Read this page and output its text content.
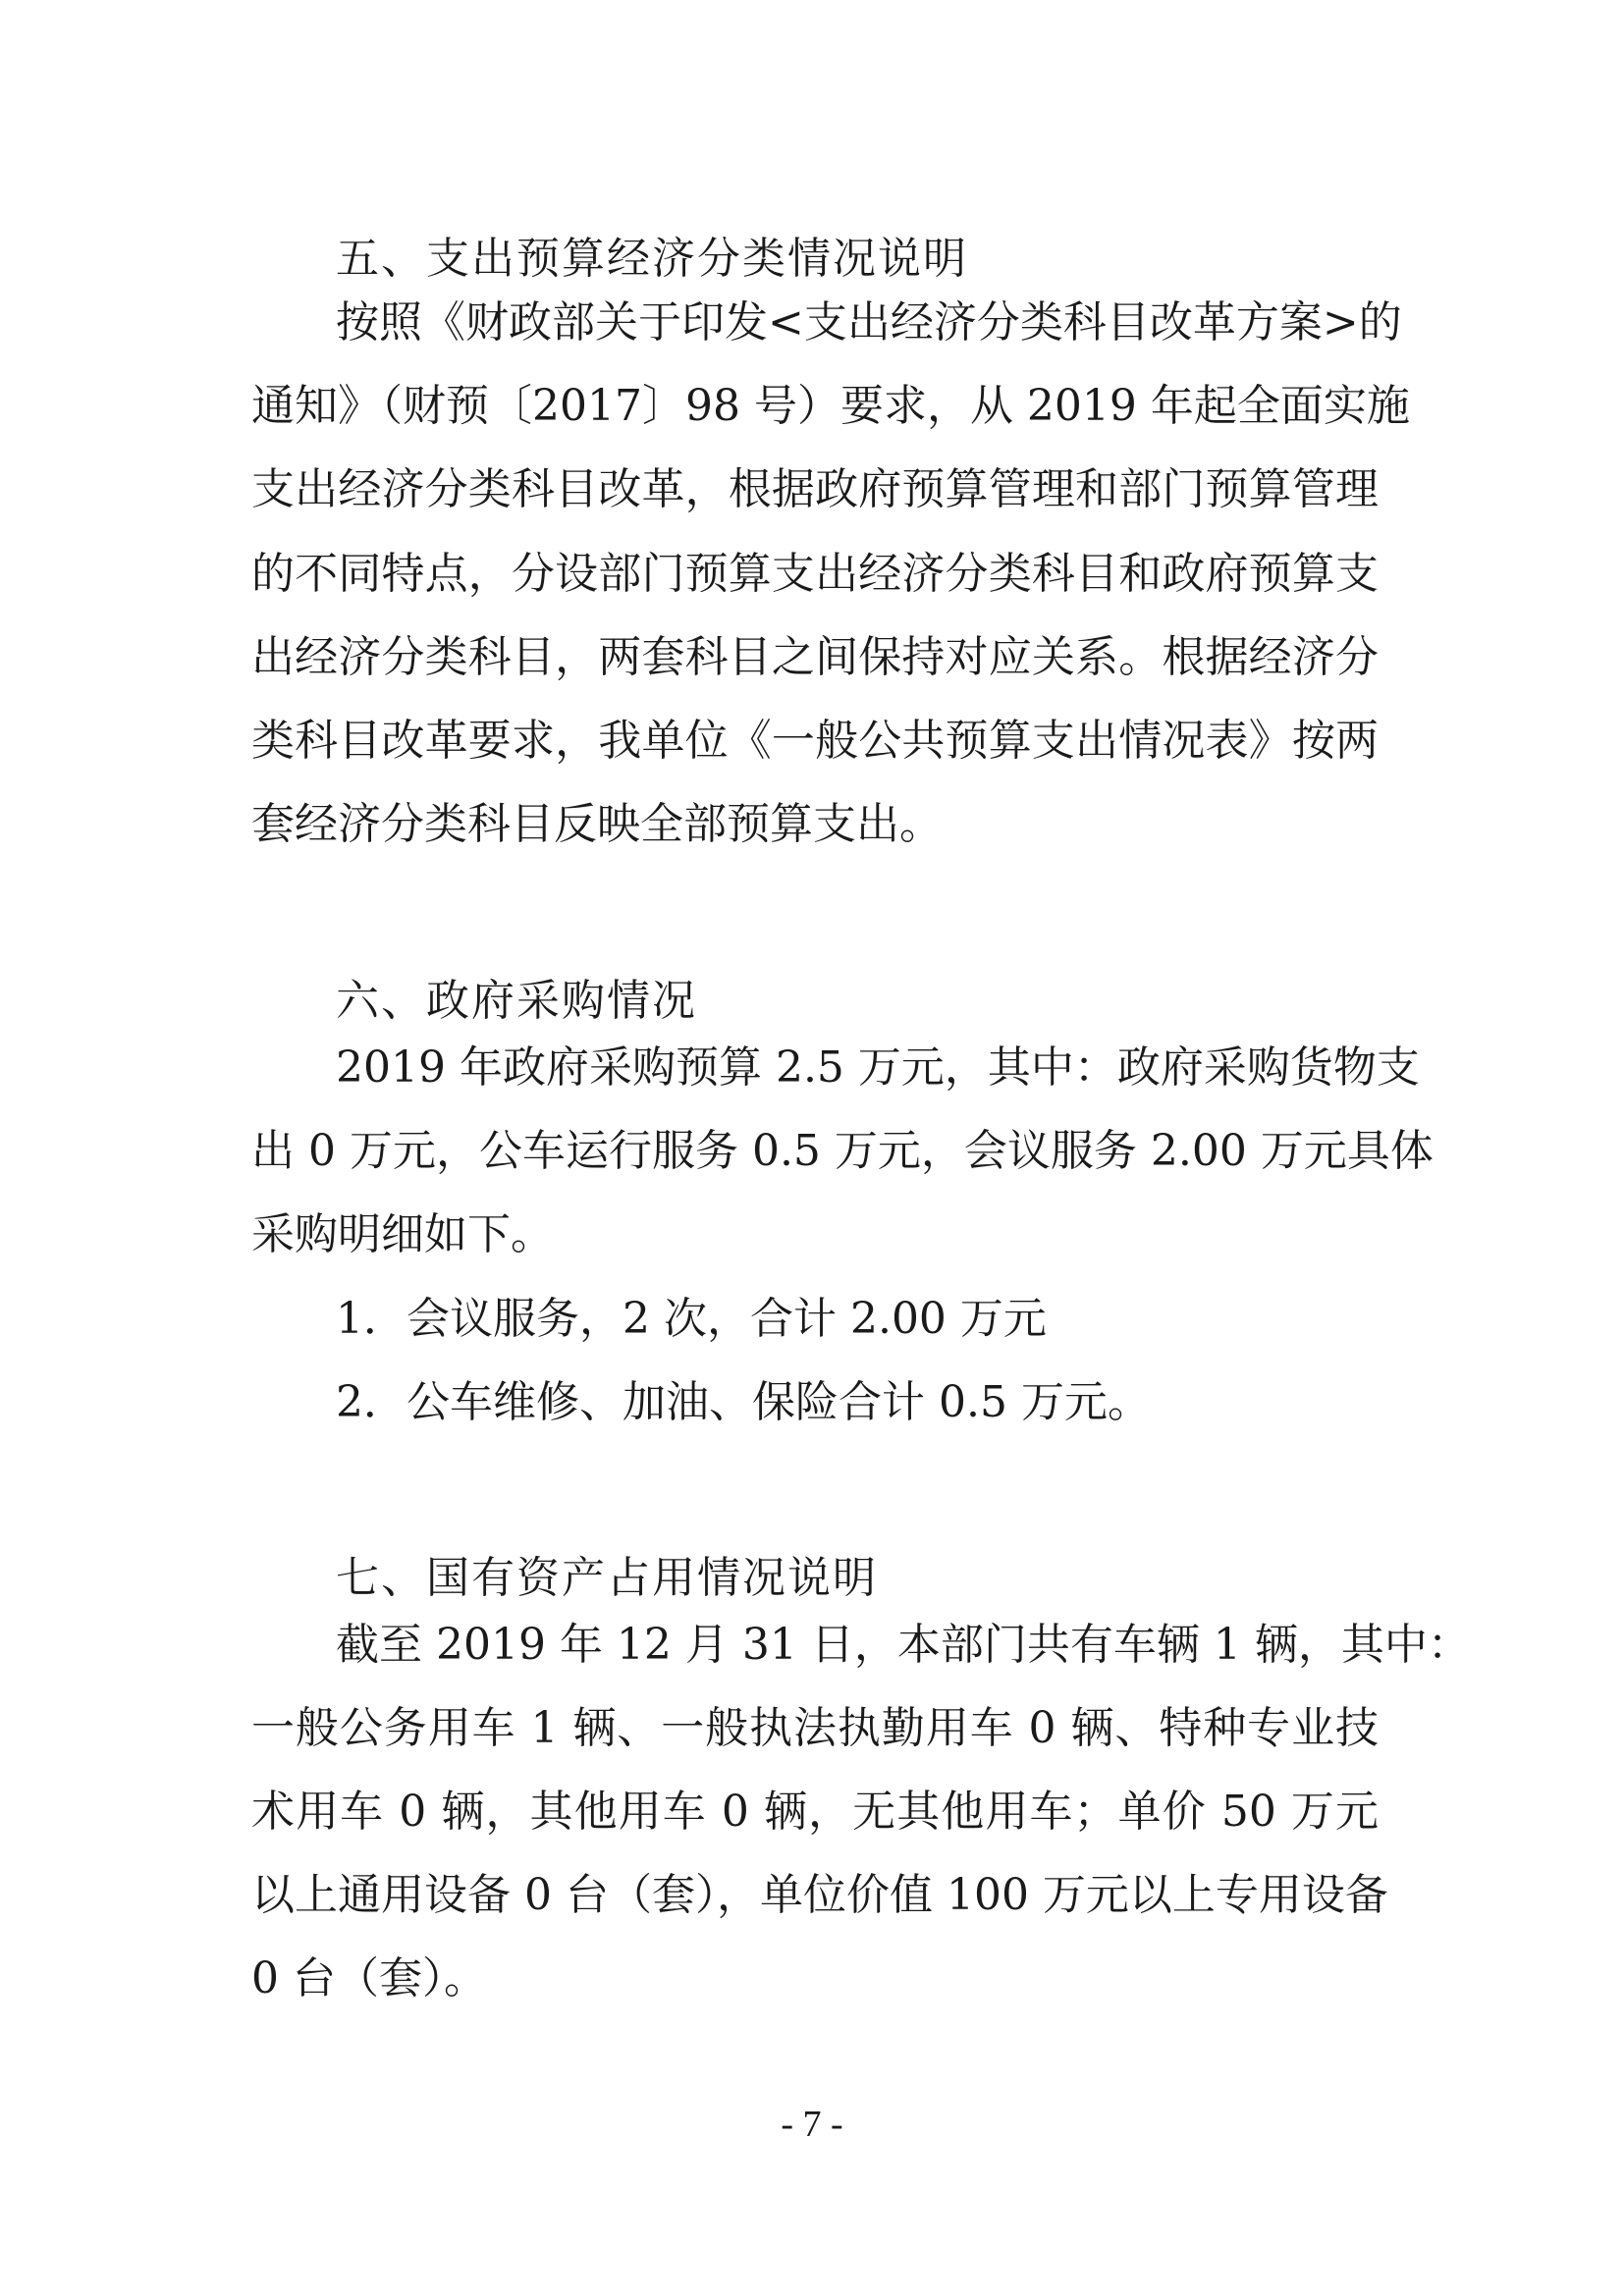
五、支出预算经济分类情况说明

按照《财政部关于印发<支出经济分类科目改革方案>的

通知》（财预〔2017〕98 号）要求，从 2019 年起全面实施

支出经济分类科目改革，根据政府预算管理和部门预算管理

的不同特点，分设部门预算支出经济分类科目和政府预算支

出经济分类科目，两套科目之间保持对应关系。根据经济分

类科目改革要求，我单位《一般公共预算支出情况表》按两

套经济分类科目反映全部预算支出。

六、政府采购情况

2019 年政府采购预算 2.5 万元，其中：政府采购货物支

出 0 万元，公车运行服务 0.5 万元，会议服务 2.00 万元具体

采购明细如下。

1．会议服务，2 次，合计 2.00 万元

2．公车维修、加油、保险合计 0.5 万元。

七、国有资产占用情况说明

截至 2019 年 12 月 31 日，本部门共有车辆 1 辆，其中：

一般公务用车 1 辆、一般执法执勤用车 0 辆、特种专业技

术用车 0 辆，其他用车 0 辆，无其他用车；单价 50 万元

以上通用设备 0 台（套），单位价值 100 万元以上专用设备

0 台（套）。

- 7 -
